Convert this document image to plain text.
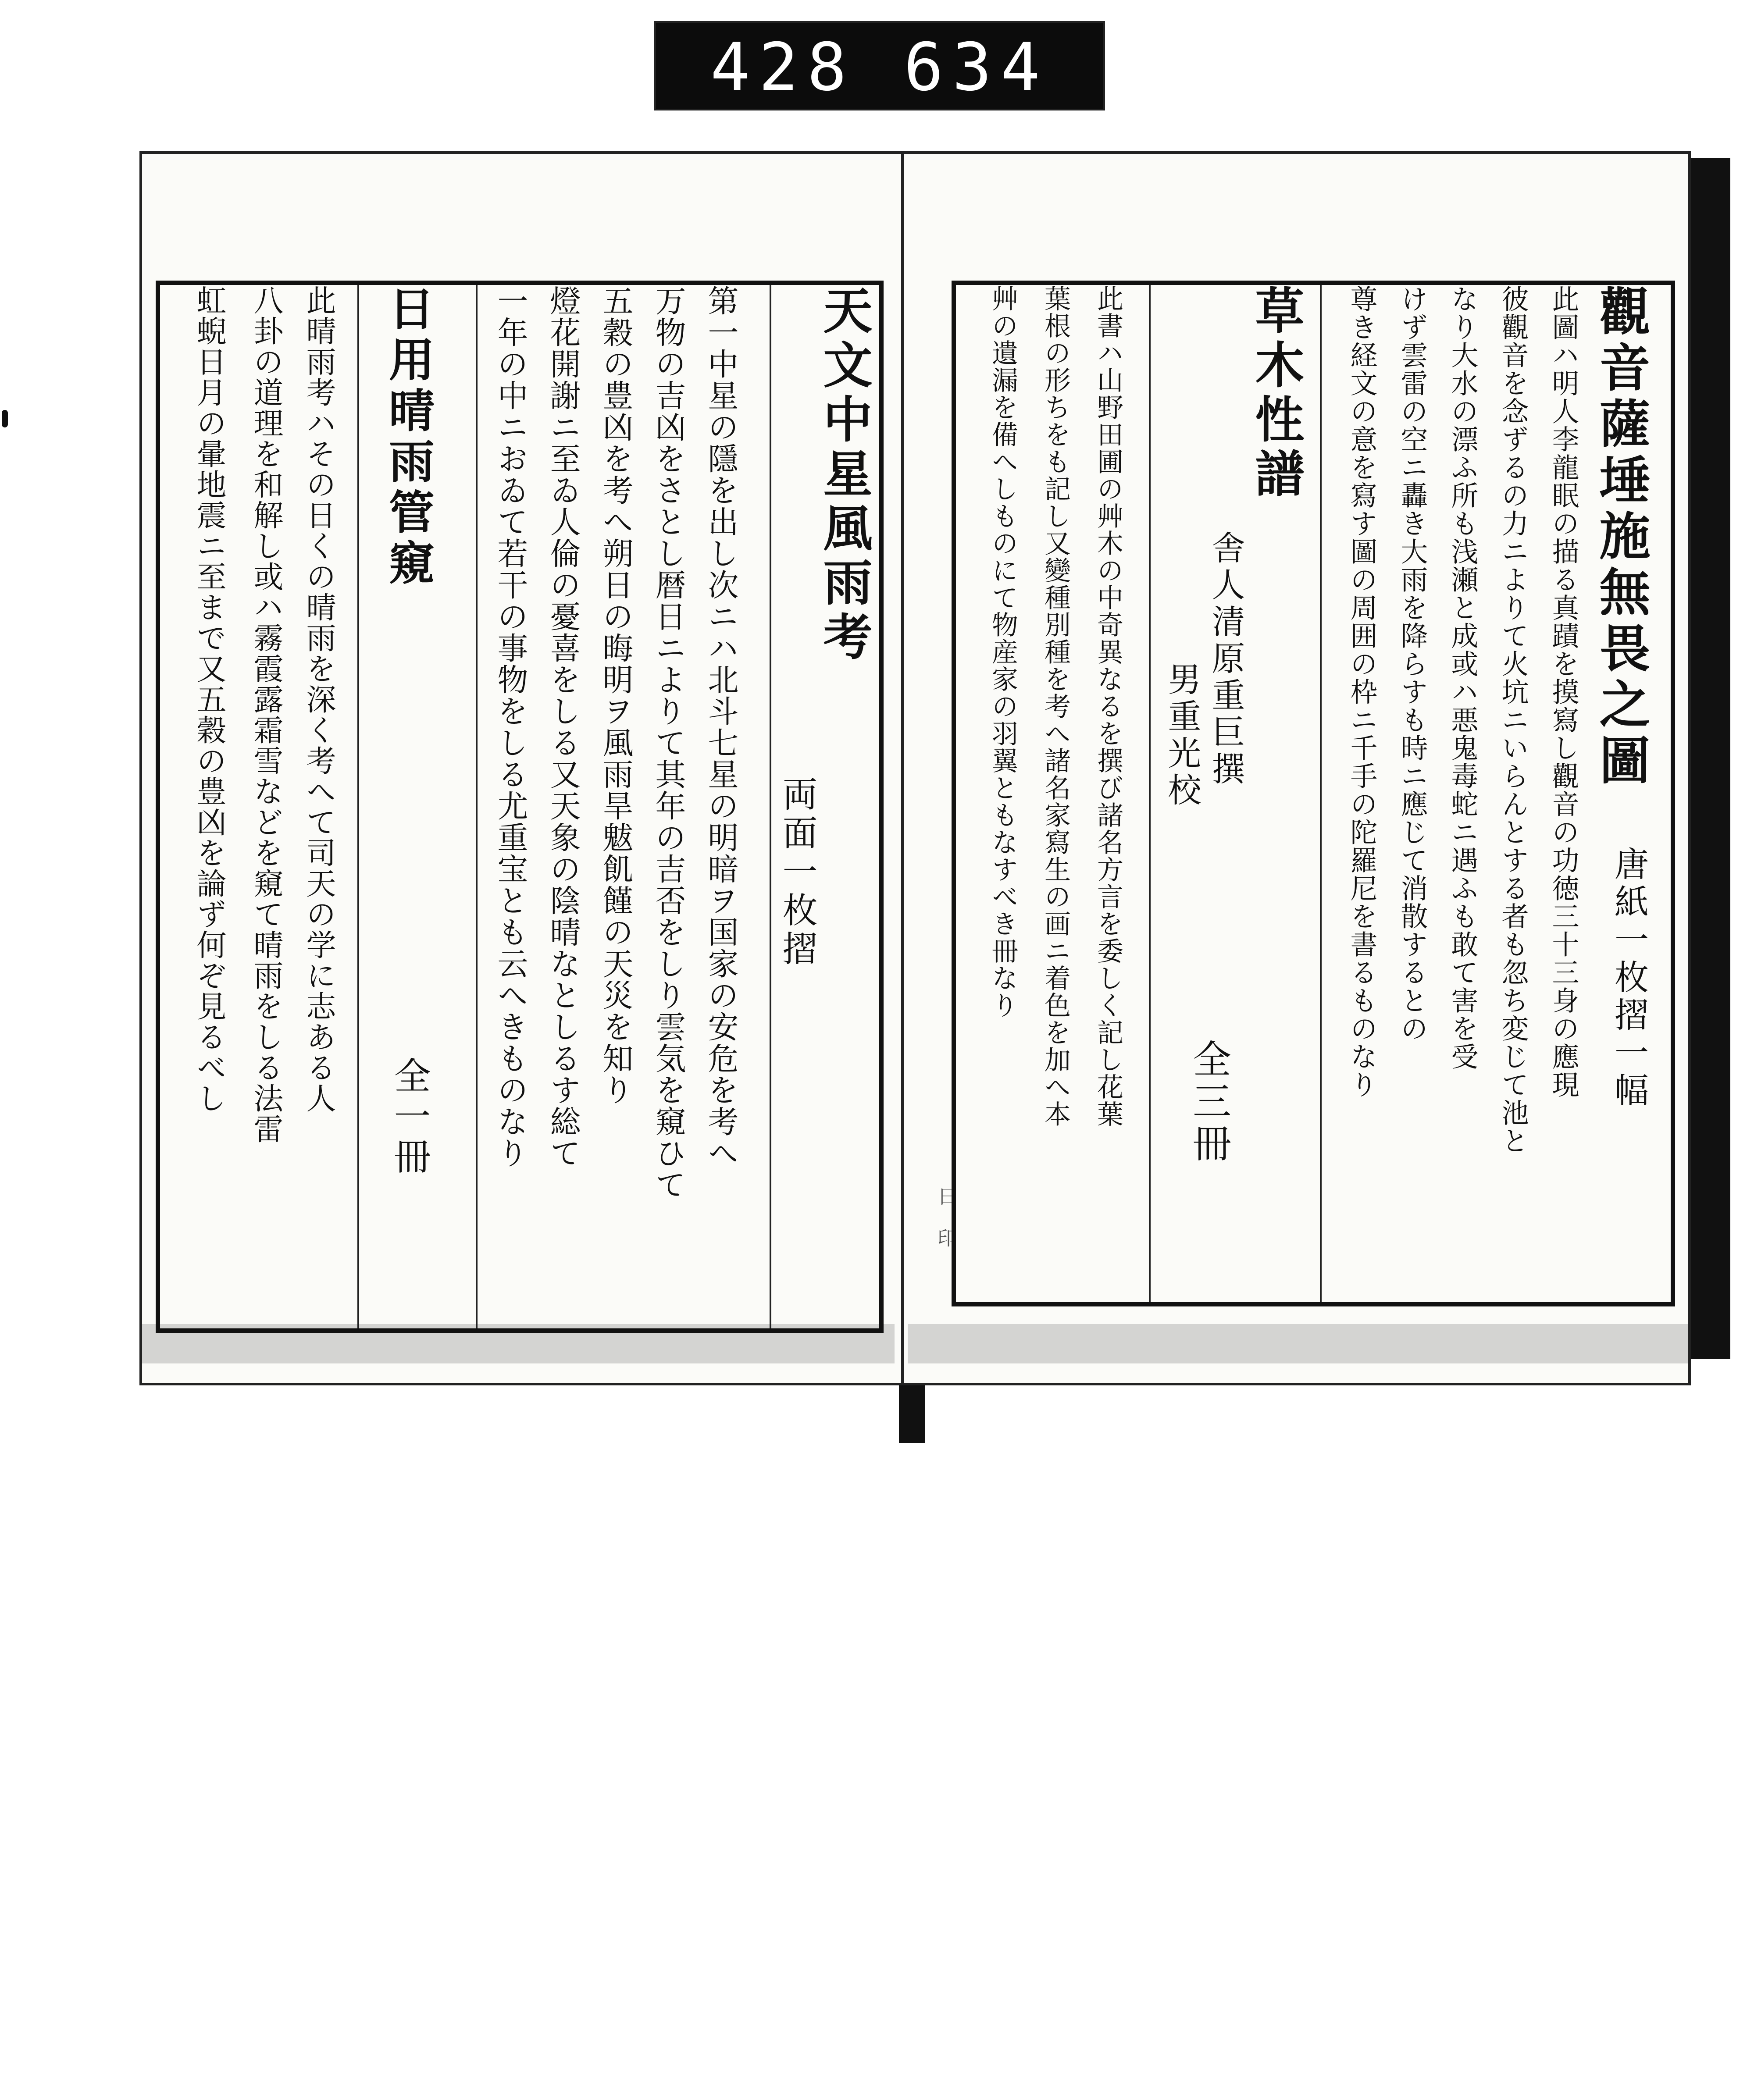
428 634
日 印
天文中星風雨考
両面一枚摺
第一中星の隱を出し次ニハ北斗七星の明暗ヲ国家の安危を考へ
万物の吉凶をさとし暦日ニよりて其年の吉否をしり雲気を窺ひて
五穀の豊凶を考へ朔日の晦明ヲ風雨旱魃飢饉の天災を知り
燈花開謝ニ至ゐ人倫の憂喜をしる又天象の陰晴なとしるす総て
一年の中ニおゐて若干の事物をしる尤重宝とも云へきものなり
日用晴雨管窺
全一冊
此晴雨考ハその日くの晴雨を深く考へて司天の学に志ある人
八卦の道理を和解し或ハ霧霞露霜雪などを窺て晴雨をしる法雷
虹蜺日月の暈地震ニ至まで又五穀の豊凶を論ず何ぞ見るべし	觀音薩埵施無畏之圖
唐紙一枚摺一幅
此圖ハ明人李龍眠の描る真蹟を摸寫し觀音の功徳三十三身の應現
彼觀音を念ずるの力ニよりて火坑ニいらんとする者も忽ち変じて池と
なり大水の漂ふ所も浅瀬と成或ハ悪鬼毒蛇ニ遇ふも敢て害を受
けず雲雷の空ニ轟き大雨を降らすも時ニ應じて消散するとの
尊き経文の意を寫す圖の周囲の枠ニ千手の陀羅尼を書るものなり
草木性譜
舎人清原重巨撰
男重光校
全三冊
此書ハ山野田圃の艸木の中奇異なるを撰び諸名方言を委しく記し花葉
葉根の形ちをも記し又變種別種を考へ諸名家寫生の画ニ着色を加へ本
艸の遺漏を備へしものにて物産家の羽翼ともなすべき冊なり
